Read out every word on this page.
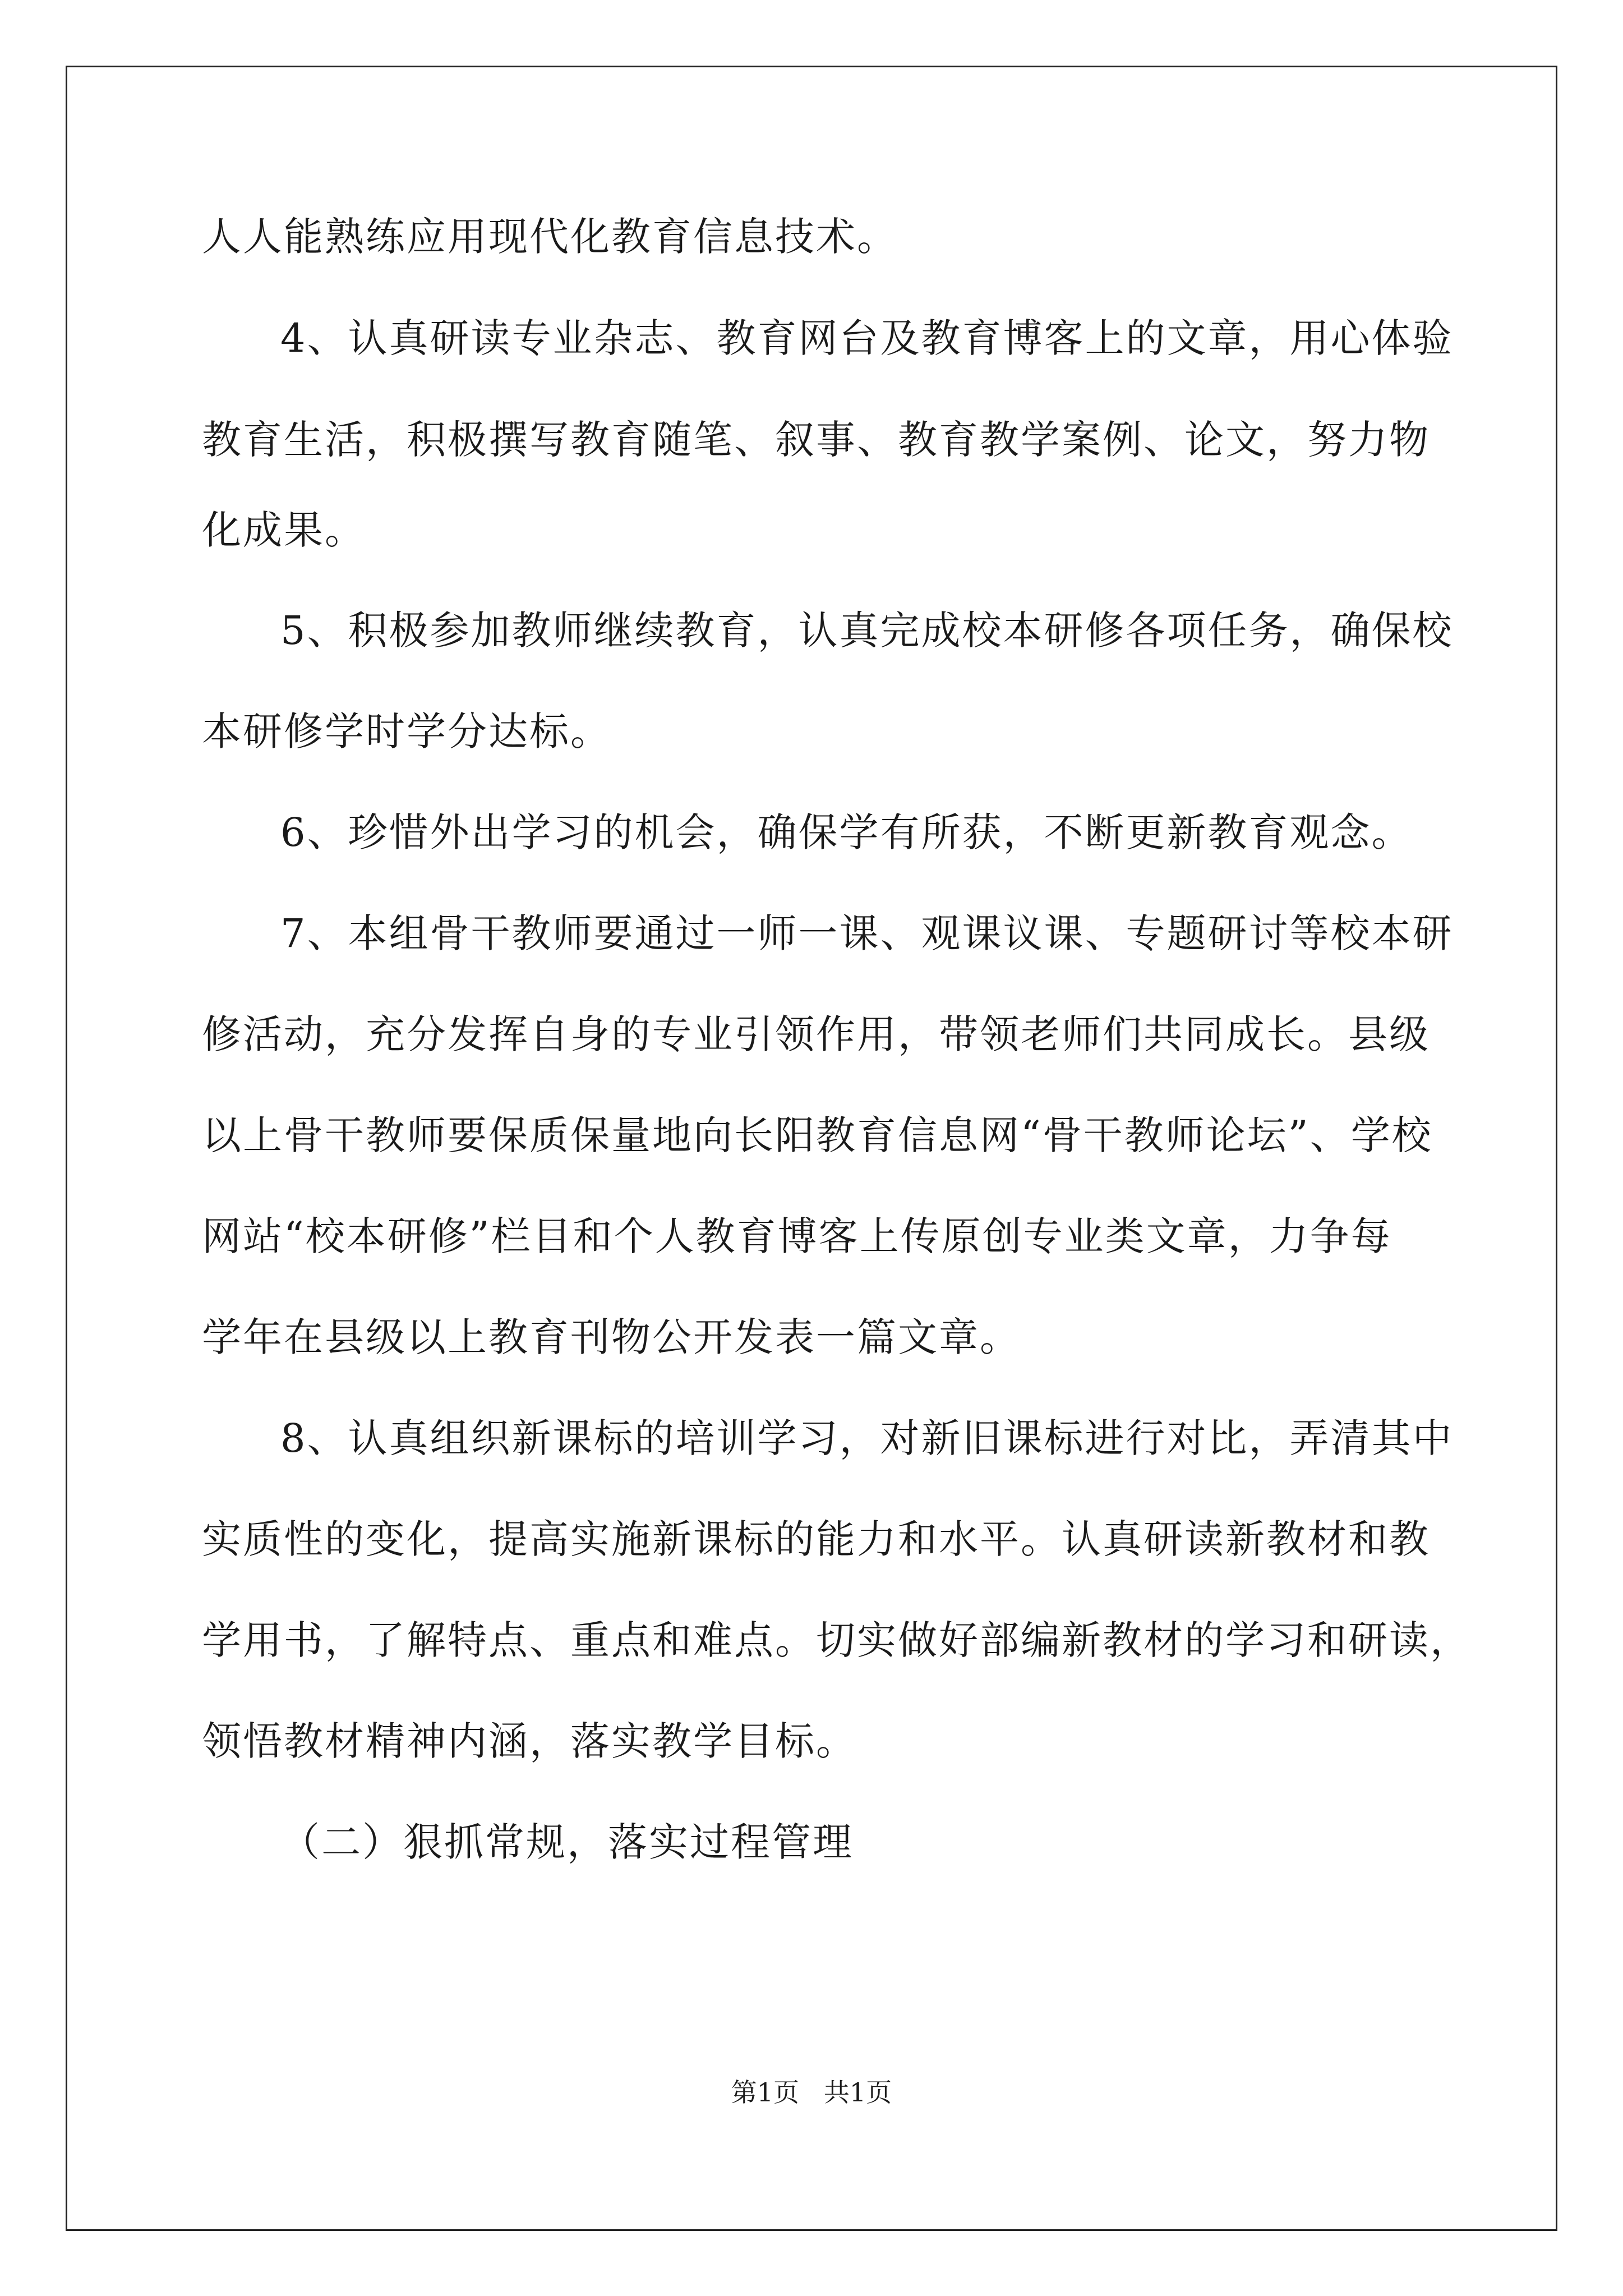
人人能熟练应用现代化教育信息技术。
4、认真研读专业杂志、教育网台及教育博客上的文章，用心体验
教育生活，积极撰写教育随笔、叙事、教育教学案例、论文，努力物
化成果。
5、积极参加教师继续教育，认真完成校本研修各项任务，确保校
本研修学时学分达标。
6、珍惜外出学习的机会，确保学有所获，不断更新教育观念。
7、本组骨干教师要通过一师一课、观课议课、专题研讨等校本研
修活动，充分发挥自身的专业引领作用，带领老师们共同成长。县级
以上骨干教师要保质保量地向长阳教育信息网“骨干教师论坛”、学校
网站“校本研修”栏目和个人教育博客上传原创专业类文章，力争每
学年在县级以上教育刊物公开发表一篇文章。
8、认真组织新课标的培训学习，对新旧课标进行对比，弄清其中
实质性的变化，提高实施新课标的能力和水平。认真研读新教材和教
学用书，了解特点、重点和难点。切实做好部编新教材的学习和研读，
领悟教材精神内涵，落实教学目标。
（二）狠抓常规，落实过程管理
第1页   共1页
